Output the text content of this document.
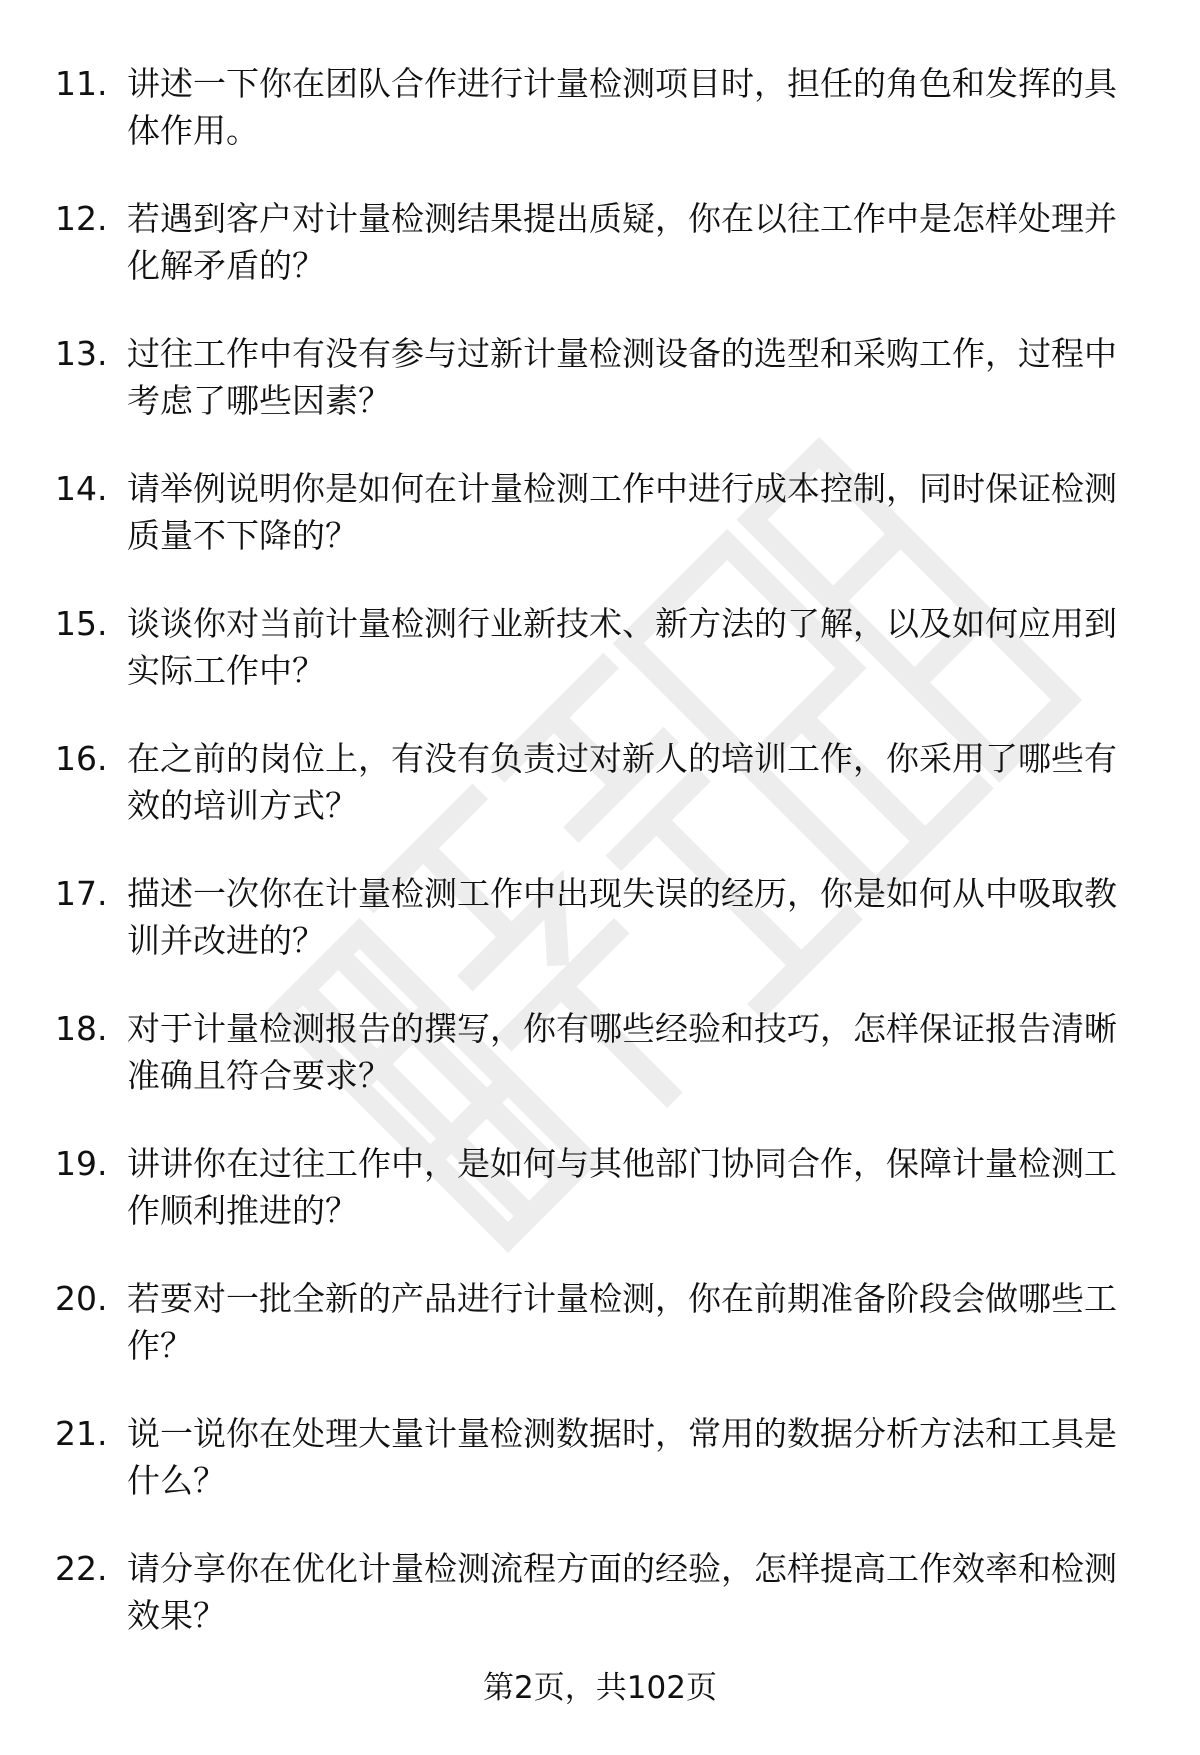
11. 讲述一下你在团队合作进行计量检测项目时，担任的角色和发挥的具体作用。
12. 若遇到客户对计量检测结果提出质疑，你在以往工作中是怎样处理并化解矛盾的？
13. 过往工作中有没有参与过新计量检测设备的选型和采购工作，过程中考虑了哪些因素？
14. 请举例说明你是如何在计量检测工作中进行成本控制，同时保证检测质量不下降的？
15. 谈谈你对当前计量检测行业新技术、新方法的了解，以及如何应用到实际工作中？
16. 在之前的岗位上，有没有负责过对新人的培训工作，你采用了哪些有效的培训方式？
17. 描述一次你在计量检测工作中出现失误的经历，你是如何从中吸取教训并改进的？
18. 对于计量检测报告的撰写，你有哪些经验和技巧，怎样保证报告清晰准确且符合要求？
19. 讲讲你在过往工作中，是如何与其他部门协同合作，保障计量检测工作顺利推进的？
20. 若要对一批全新的产品进行计量检测，你在前期准备阶段会做哪些工作？
21. 说一说你在处理大量计量检测数据时，常用的数据分析方法和工具是什么？
22. 请分享你在优化计量检测流程方面的经验，怎样提高工作效率和检测效果？
第2页，共102页
